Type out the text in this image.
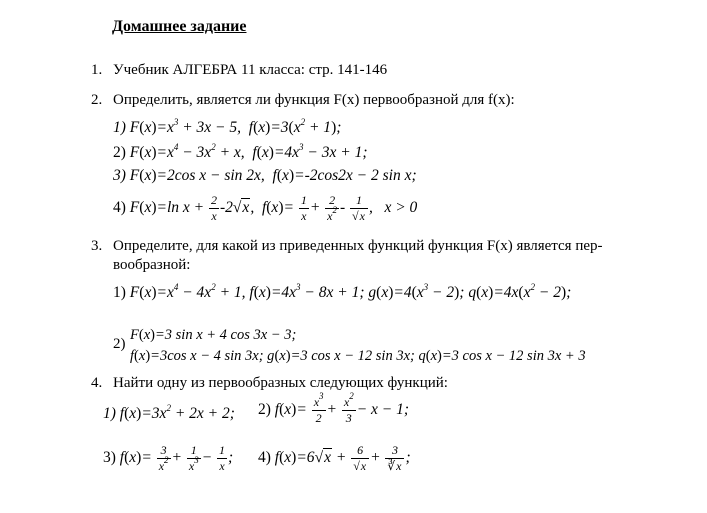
Домашнее задание
1. Учебник АЛГЕБРА 11 класса: стр. 141-146
2. Определить, является ли функция F(x) первообразной для f(x):
1) $F(x)=x^3 + 3x - 5$,  $f(x)=3(x^2 + 1)$;
2) $F(x)=x^4 - 3x^2 + x$,  $f(x)=4x^3 - 3x + 1$;
3) F(x)=2cos x − sin 2x,  f(x)=-2cos2x − 2 sin x;
4) F(x)=ln $x + \frac{2}{x} -2√x$,  $f(x)= \frac{1}{x} + \frac{2}{x^2} - \frac{1}{√x}$ ,   x > 0
3. Определите, для какой из приведенных функций функция F(x) является пер-
вообразной:
1) $F(x)=x^4 - 4x^2 + 1$, $f(x)=4x^3 - 8x + 1$; $g(x)=4(x^3 - 2)$; $q(x)=4x(x^2 - 2)$;
2)
F(x)=3 sin x + 4 cos 3x − 3;
f(x)=3cos x − 4 sin 3x; g(x)=3 cos x − 12 sin 3x; q(x)=3 cos x − 12 sin 3x + 3
4. Найти одну из первообразных следующих функций:
1) $f(x)=3x^2 + 2x + 2$; 2) $f(x)= \frac{x^3}{2} + \frac{x^2}{3} - x - 1$;
3) $f(x)= \frac{3}{x^2} + \frac{1}{x^3} - \frac{1}{x}$ ; 4) $f(x)=6√x + \frac{6}{√x} + \frac{3}{∛x}$ ;
